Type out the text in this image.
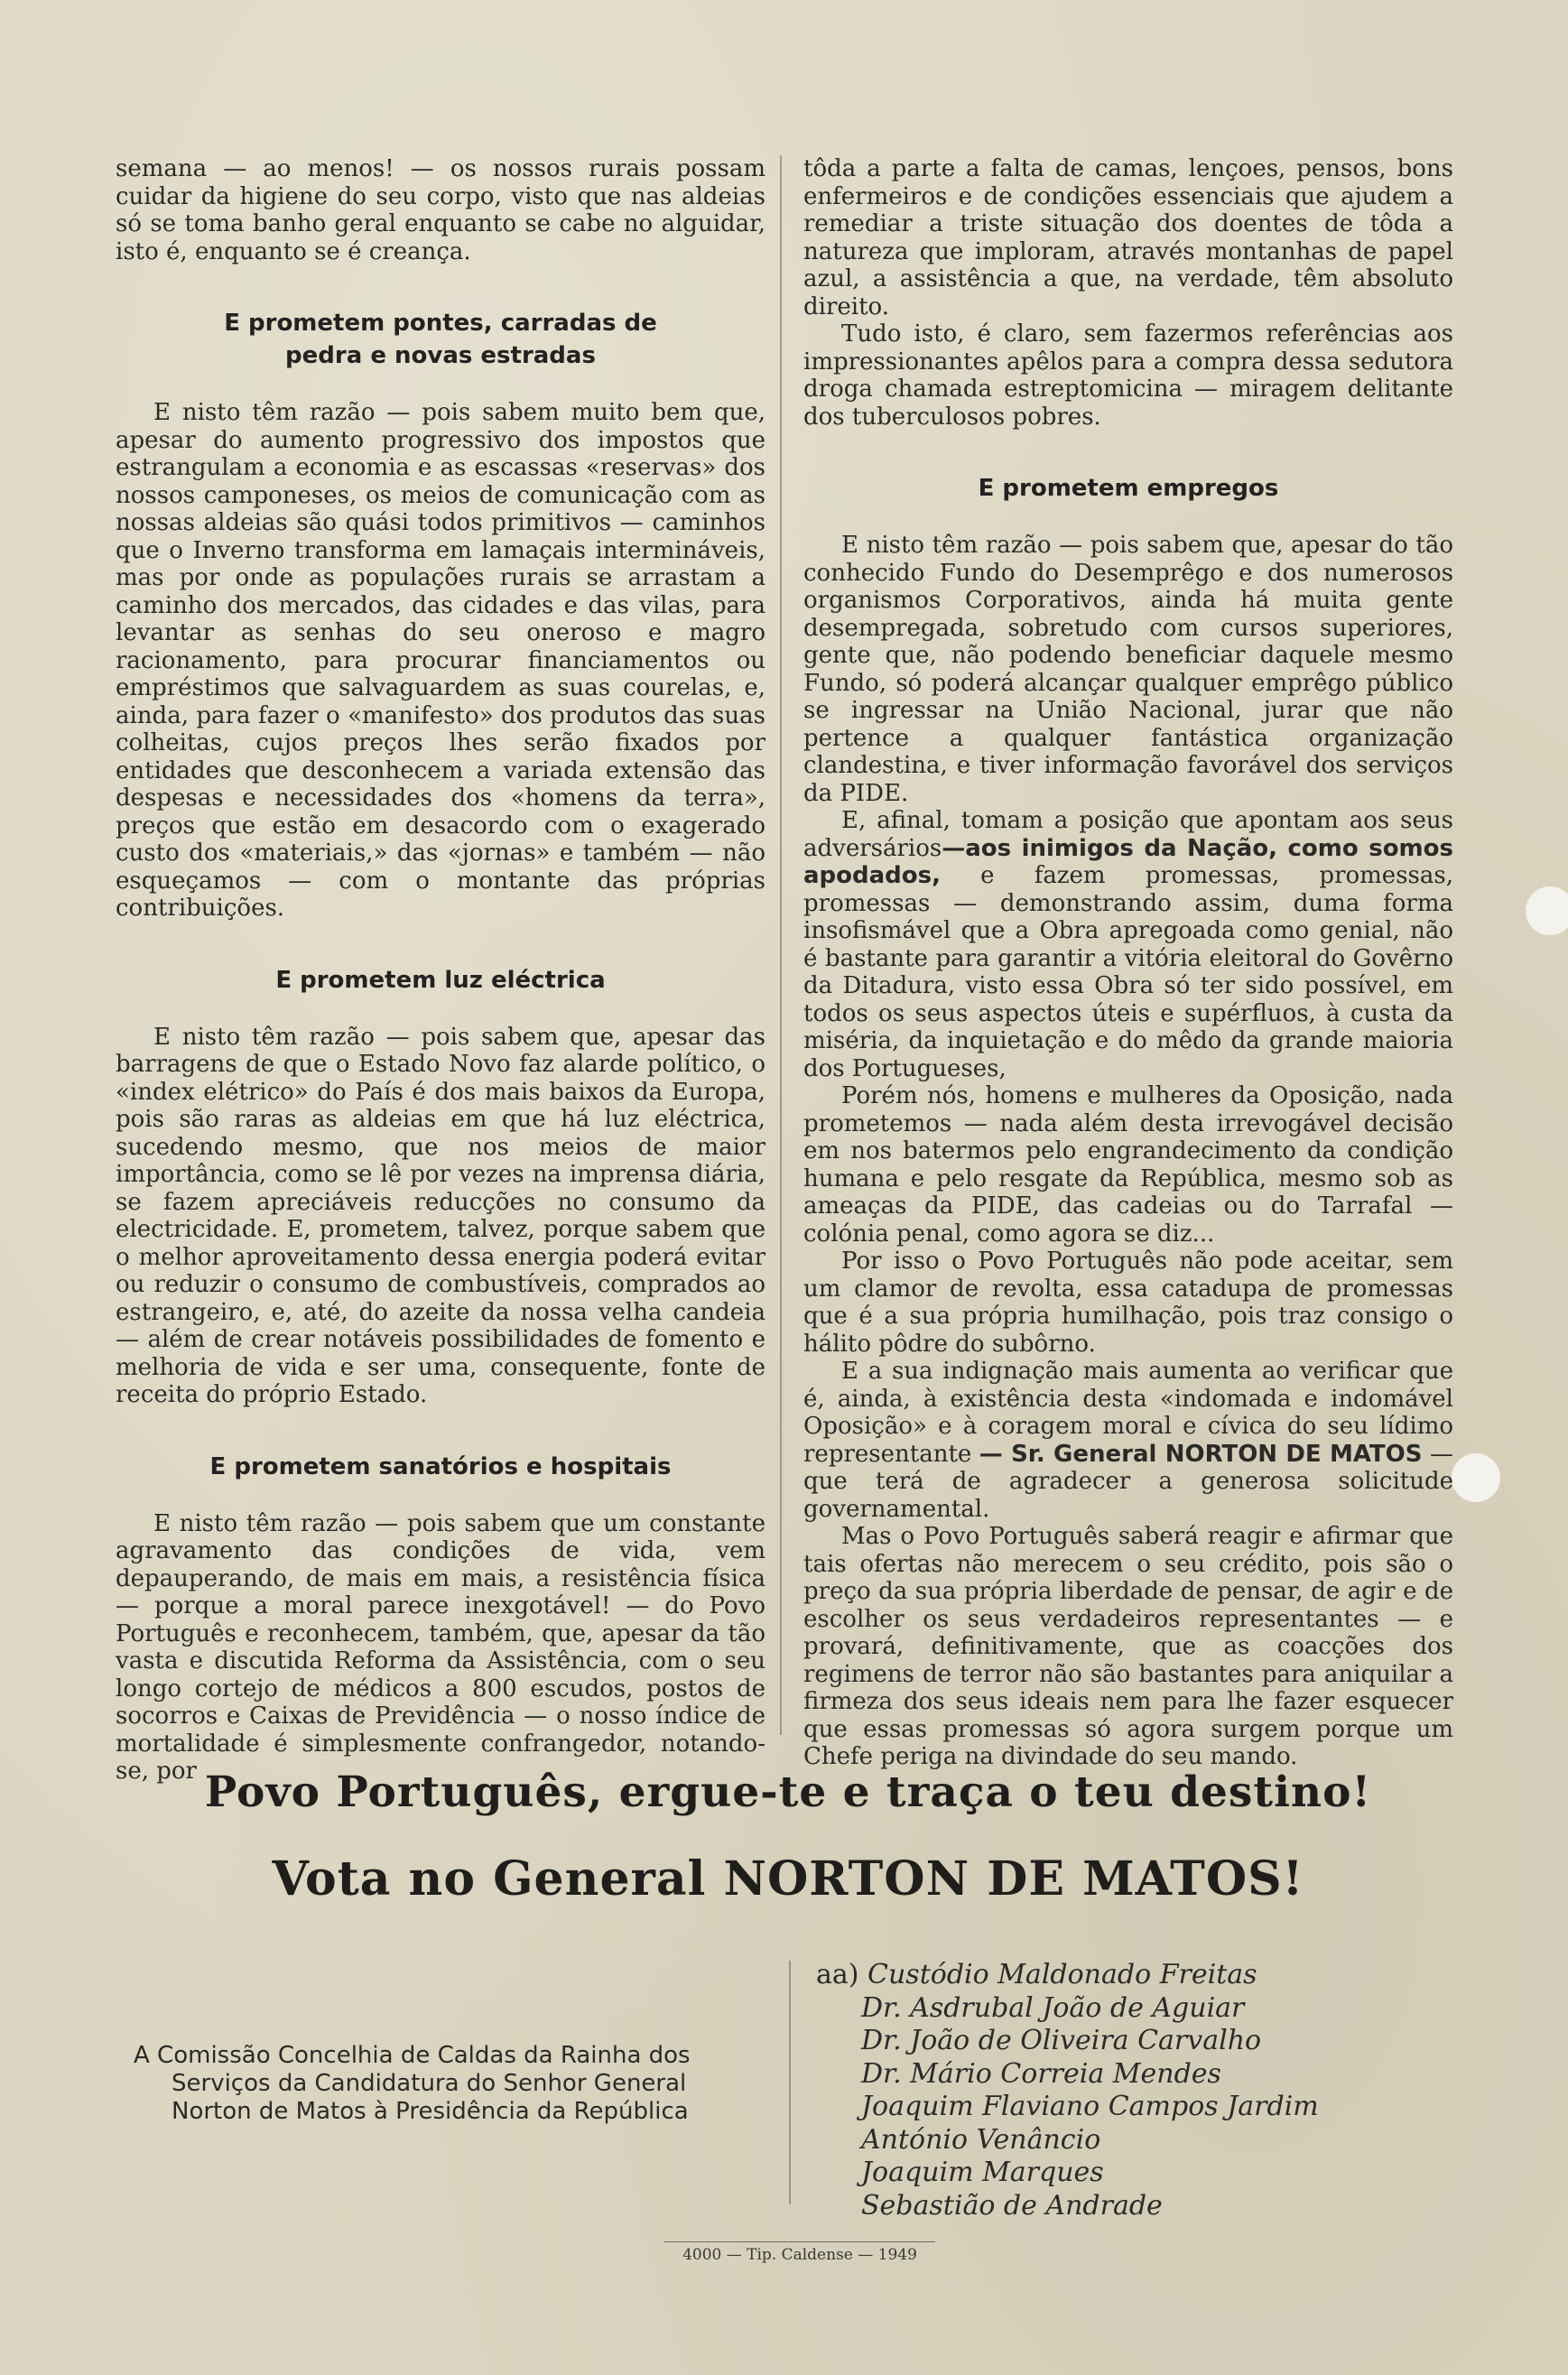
semana — ao menos! — os nossos rurais possam cuidar da higiene do seu corpo, visto que nas aldeias só se toma banho geral enquanto se cabe no alguidar, isto é, enquanto se é creança.

E prometem pontes, carradas de pedra e novas estradas

E nisto têm razão — pois sabem muito bem que, apesar do aumento progressivo dos impostos que estrangulam a economia e as escassas «reservas» dos nossos camponeses, os meios de comunicação com as nossas aldeias são quási todos primitivos — caminhos que o Inverno transforma em lamaçais intermináveis, mas por onde as populações rurais se arrastam a caminho dos mercados, das cidades e das vilas, para levantar as senhas do seu oneroso e magro racionamento, para procurar financiamentos ou empréstimos que salvaguardem as suas courelas, e, ainda, para fazer o «manifesto» dos produtos das suas colheitas, cujos preços lhes serão fixados por entidades que desconhecem a variada extensão das despesas e necessidades dos «homens da terra», preços que estão em desacordo com o exagerado custo dos «materiais,» das «jornas» e também — não esqueçamos — com o montante das próprias contribuições.

E prometem luz eléctrica

E nisto têm razão — pois sabem que, apesar das barragens de que o Estado Novo faz alarde político, o «index elétrico» do País é dos mais baixos da Europa, pois são raras as aldeias em que há luz eléctrica, sucedendo mesmo, que nos meios de maior importância, como se lê por vezes na imprensa diária, se fazem apreciáveis reducções no consumo da electricidade. E, prometem, talvez, porque sabem que o melhor aproveitamento dessa energia poderá evitar ou reduzir o consumo de combustíveis, comprados ao estrangeiro, e, até, do azeite da nossa velha candeia — além de crear notáveis possibilidades de fomento e melhoria de vida e ser uma, consequente, fonte de receita do próprio Estado.

E prometem sanatórios e hospitais

E nisto têm razão — pois sabem que um constante agravamento das condições de vida, vem depauperando, de mais em mais, a resistência física — porque a moral parece inexgotável! — do Povo Português e reconhecem, também, que, apesar da tão vasta e discutida Reforma da Assistência, com o seu longo cortejo de médicos a 800 escudos, postos de socorros e Caixas de Previdência — o nosso índice de mortalidade é simplesmente confrangedor, notando-se, por

tôda a parte a falta de camas, lençoes, pensos, bons enfermeiros e de condições essenciais que ajudem a remediar a triste situação dos doentes de tôda a natureza que imploram, através montanhas de papel azul, a assistência a que, na verdade, têm absoluto direito.

Tudo isto, é claro, sem fazermos referências aos impressionantes apêlos para a compra dessa sedutora droga chamada estreptomicina — miragem delitante dos tuberculosos pobres.

E prometem empregos

E nisto têm razão — pois sabem que, apesar do tão conhecido Fundo do Desemprêgo e dos numerosos organismos Corporativos, ainda há muita gente desempregada, sobretudo com cursos superiores, gente que, não podendo beneficiar daquele mesmo Fundo, só poderá alcançar qualquer emprêgo público se ingressar na União Nacional, jurar que não pertence a qualquer fantástica organização clandestina, e tiver informação favorável dos serviços da PIDE.

E, afinal, tomam a posição que apontam aos seus adversários—aos inimigos da Nação, como somos apodados, e fazem promessas, promessas, promessas — demonstrando assim, duma forma insofismável que a Obra apregoada como genial, não é bastante para garantir a vitória eleitoral do Govêrno da Ditadura, visto essa Obra só ter sido possível, em todos os seus aspectos úteis e supérfluos, à custa da miséria, da inquietação e do mêdo da grande maioria dos Portugueses,

Porém nós, homens e mulheres da Oposição, nada prometemos — nada além desta irrevogável decisão em nos batermos pelo engrandecimento da condição humana e pelo resgate da República, mesmo sob as ameaças da PIDE, das cadeias ou do Tarrafal — colónia penal, como agora se diz...

Por isso o Povo Português não pode aceitar, sem um clamor de revolta, essa catadupa de promessas que é a sua própria humilhação, pois traz consigo o hálito pôdre do subôrno.

E a sua indignação mais aumenta ao verificar que é, ainda, à existência desta «indomada e indomável Oposição» e à coragem moral e cívica do seu lídimo representante — Sr. General NORTON DE MATOS — que terá de agradecer a generosa solicitude governamental.

Mas o Povo Português saberá reagir e afirmar que tais ofertas não merecem o seu crédito, pois são o preço da sua própria liberdade de pensar, de agir e de escolher os seus verdadeiros representantes — e provará, definitivamente, que as coacções dos regimens de terror não são bastantes para aniquilar a firmeza dos seus ideais nem para lhe fazer esquecer que essas promessas só agora surgem porque um Chefe periga na divindade do seu mando.

Povo Português, ergue-te e traça o teu destino!
Vota no General NORTON DE MATOS!
A Comissão Concelhia de Caldas da Rainha dos
Serviços da Candidatura do Senhor General
Norton de Matos à Presidência da República
aa) Custódio Maldonado Freitas
Dr. Asdrubal João de Aguiar
Dr. João de Oliveira Carvalho
Dr. Mário Correia Mendes
Joaquim Flaviano Campos Jardim
António Venâncio
Joaquim Marques
Sebastião de Andrade
4000 — Tip. Caldense — 1949
